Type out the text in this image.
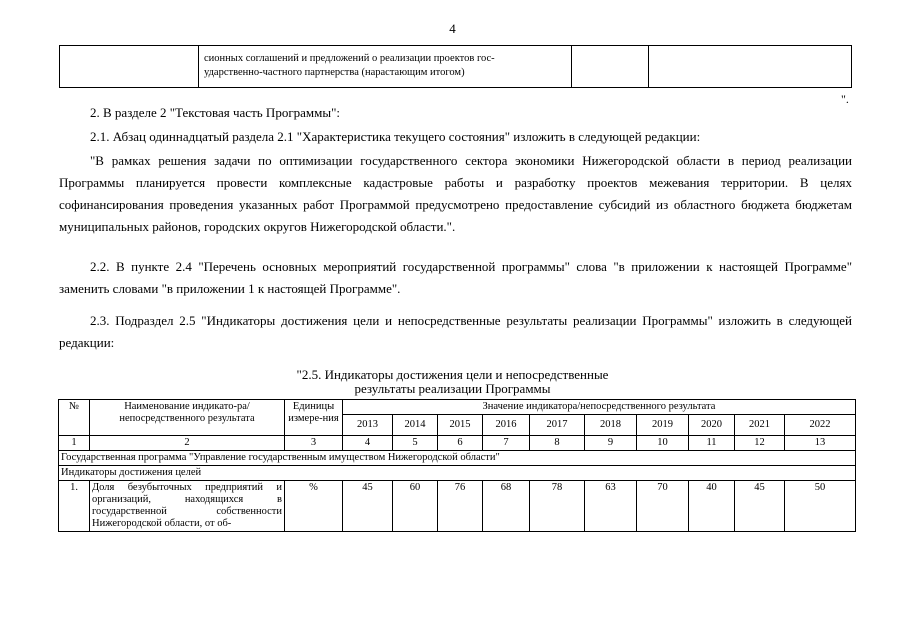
4

сионных соглашений и предложений о реализации проектов гос-
ударственно-частного партнерства (нарастающим итогом)

".
2. В разделе 2 "Текстовая часть Программы":
2.1. Абзац одиннадцатый раздела 2.1 "Характеристика текущего состояния" изложить в следующей редакции:
"В рамках решения задачи по оптимизации государственного сектора экономики Нижегородской области в период реализации Программы планируется провести комплексные кадастровые работы и разработку проектов межевания территории. В целях софинансирования проведения указанных работ Программой предусмотрено предоставление субсидий из областного бюджета бюджетам муниципальных районов, городских округов Нижегородской области.".
2.2. В пункте 2.4 "Перечень основных мероприятий государственной программы" слова "в приложении к настоящей Программе" заменить словами "в приложении 1 к настоящей Программе".
2.3. Подраздел 2.5 "Индикаторы достижения цели и непосредственные результаты реализации Программы" изложить в следующей редакции:
"2.5. Индикаторы достижения цели и непосредственные
результаты реализации Программы
№	Наименование индикато-ра/непосредственного результата	Единицы измере-ния	Значение индикатора/непосредственного результата									
			2013	2014	2015	2016	2017	2018	2019	2020	2021	2022
1	2	3	4	5	6	7	8	9	10	11	12	13
Государственная программа "Управление государственным имуществом Нижегородской области"												
Индикаторы достижения целей												
1.	Доля безубыточных предприятий и организаций, находящихся в государственной собственности Нижегородской области, от об-	%	45	60	76	68	78	63	70	40	45	50
